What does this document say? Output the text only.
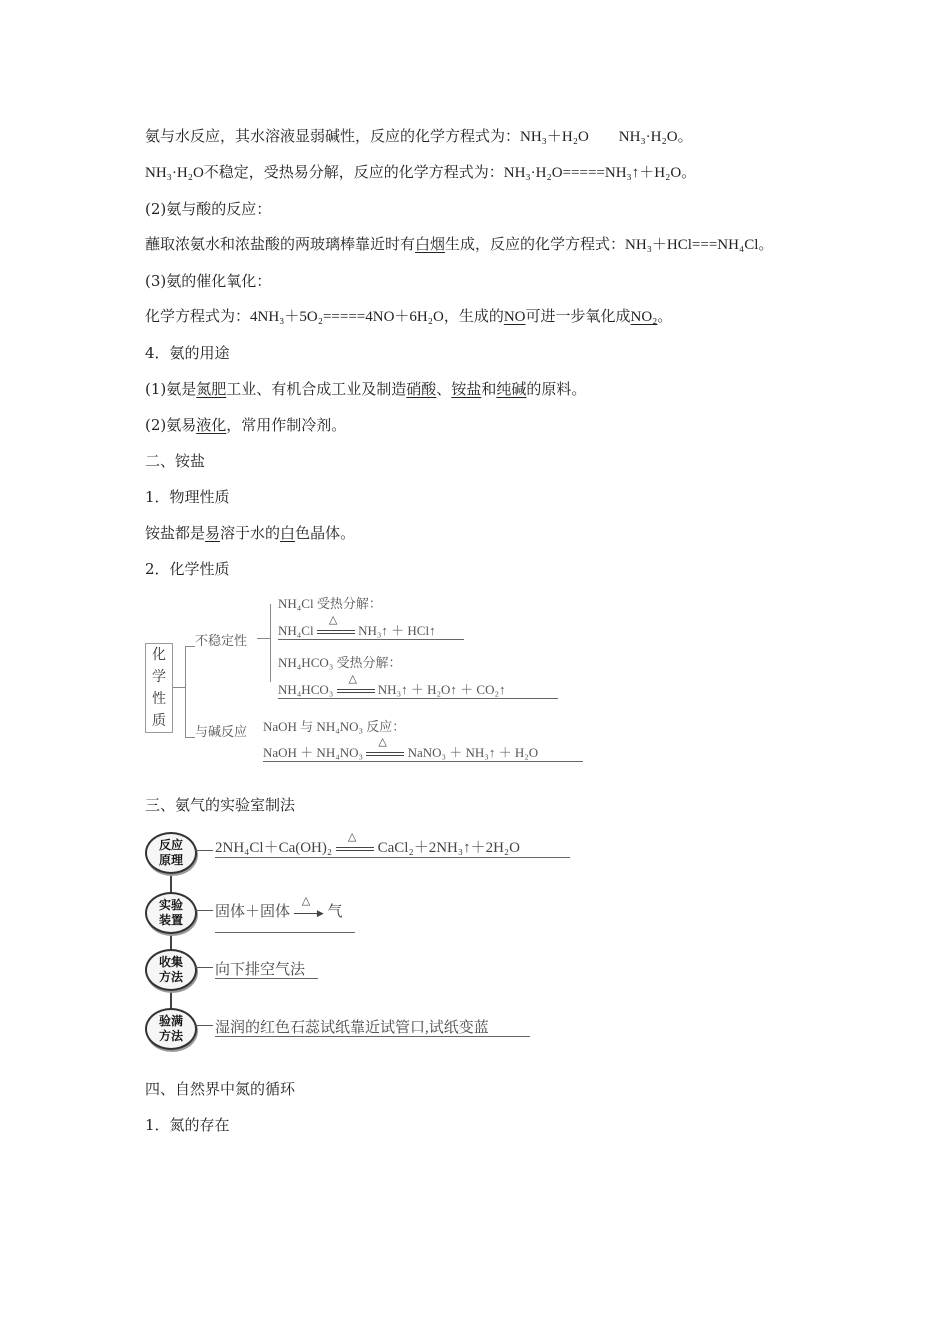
氨与水反应，其水溶液显弱碱性，反应的化学方程式为：NH₃＋H₂O　　NH₃·H₂O。
NH₃·H₂O不稳定，受热易分解，反应的化学方程式为：NH₃·H₂O=====NH₃↑＋H₂O。
(2)氨与酸的反应：
蘸取浓氨水和浓盐酸的两玻璃棒靠近时有白烟生成，反应的化学方程式：NH₃＋HCl===NH₄Cl。
(3)氨的催化氧化：
化学方程式为：4NH₃＋5O₂=====4NO＋6H₂O，生成的NO可进一步氧化成NO₂。
4．氨的用途
(1)氨是氮肥工业、有机合成工业及制造硝酸、铵盐和纯碱的原料。
(2)氨易液化，常用作制冷剂。
二、铵盐
1．物理性质
铵盐都是易溶于水的白色晶体。
2．化学性质
化
学
性
质
不稳定性
与碱反应
NH₄Cl 受热分解：
NH₄Cl
△
NH₃↑ ＋ HCl↑
NH₄HCO₃ 受热分解：
NH₄HCO₃
△
NH₃↑ ＋ H₂O↑ ＋ CO₂↑
NaOH 与 NH₄NO₃ 反应：
NaOH ＋ NH₄NO₃
△
NaNO₃ ＋ NH₃↑ ＋ H₂O
三、氨气的实验室制法
反应
原理
2NH₄Cl＋Ca(OH)₂
△
CaCl₂＋2NH₃↑＋2H₂O
实验
装置	固体＋固体
△
▶ 气
收集
方法	向下排空气法
验满
方法	湿润的红色石蕊试纸靠近试管口,试纸变蓝
四、自然界中氮的循环
1．氮的存在
